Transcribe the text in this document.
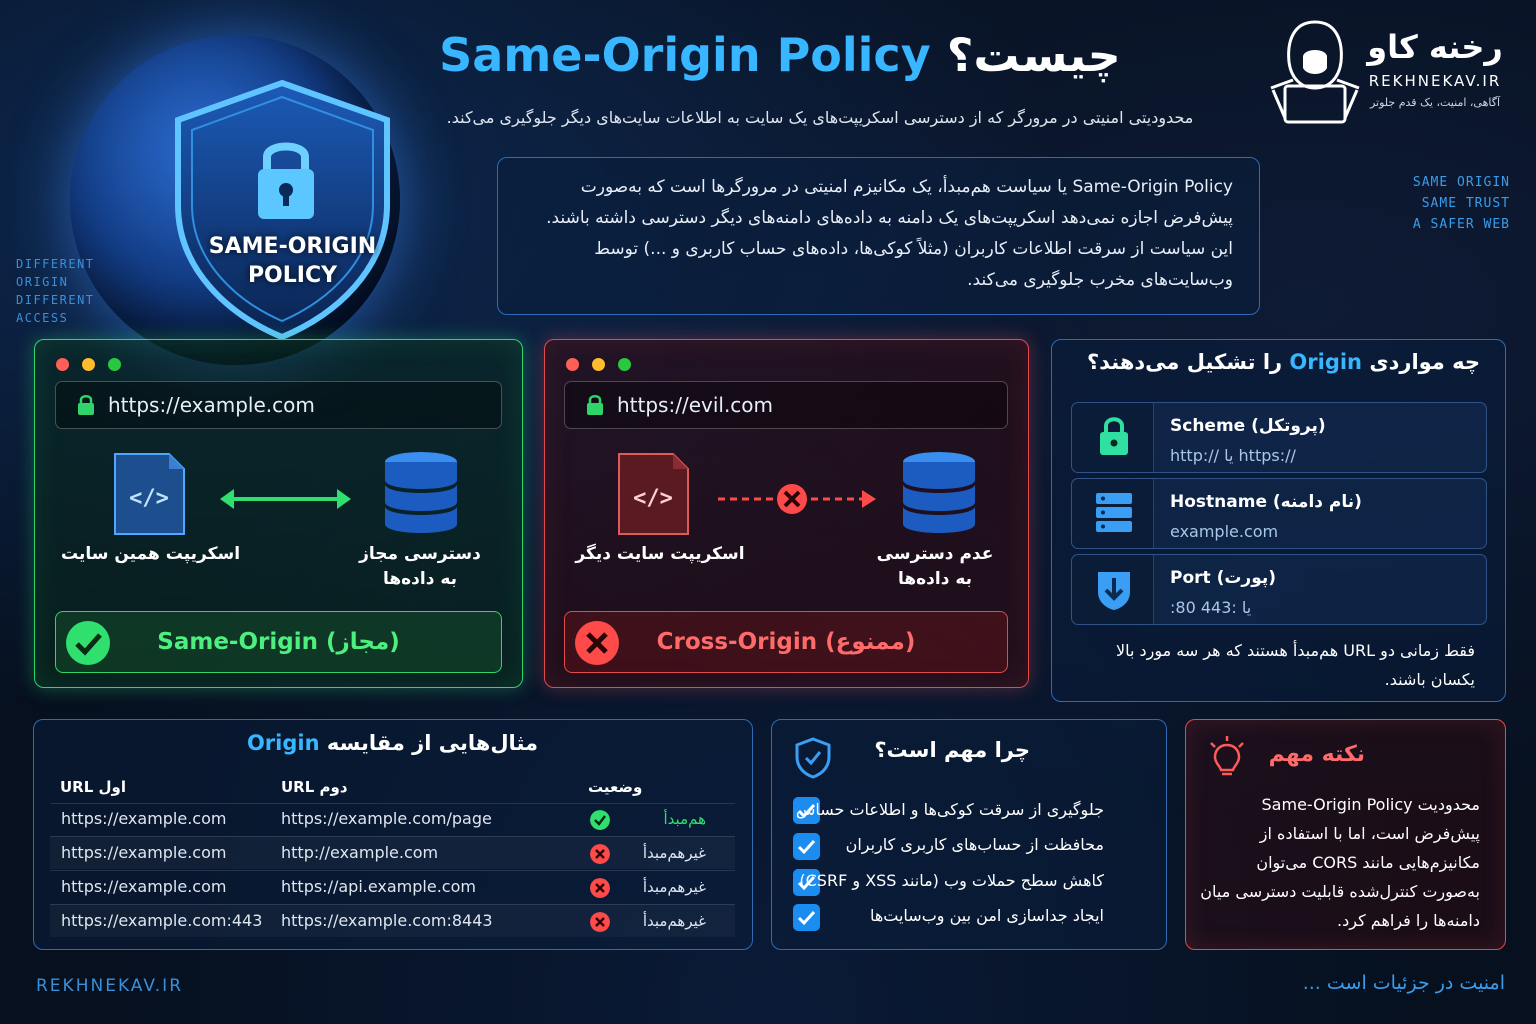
SAME-ORIGIN
POLICY
DIFFERENT
ORIGIN
DIFFERENT
ACCESS
Same-Origin Policy چیست؟
محدودیتی امنیتی در مرورگر که از دسترسی اسکریپت‌های یک سایت به اطلاعات سایت‌های دیگر جلوگیری می‌کند.
رخنه کاو
REKHNEKAV.IR
آگاهی، امنیت، یک قدم جلوتر
SAME ORIGIN
SAME TRUST
A SAFER WEB
Same-Origin Policy یا سیاست هم‌مبدأ، یک مکانیزم امنیتی در مرورگرها است که به‌صورت پیش‌فرض اجازه نمی‌دهد اسکریپت‌های یک دامنه به داده‌های دامنه‌های دیگر دسترسی داشته باشند. این سیاست از سرقت اطلاعات کاربران (مثلاً کوکی‌ها، داده‌های حساب کاربری و ...) توسط وب‌سایت‌های مخرب جلوگیری می‌کند.
https://example.com
</>
اسکریپت همین سایت	دسترسی مجاز
به داده‌ها
Same-Origin (مجاز)
https://evil.com
</>
اسکریپت سایت دیگر	عدم دسترسی
به داده‌ها
Cross-Origin (ممنوع)
چه مواردی Origin را تشکیل می‌دهند؟
Scheme (پروتکل)
http:// یا https://
Hostname (نام دامنه)
example.com
Port (پورت)
:80 یا :443
فقط زمانی دو URL هم‌مبدأ هستند که هر سه مورد بالا یکسان باشند.
مثال‌هایی از مقایسه Origin
URL اول	URL دوم	وضعیت
https://example.com	https://example.com/page	هم‌مبدأ
https://example.com	http://example.com	غیرهم‌مبدأ
https://example.com	https://api.example.com	غیرهم‌مبدأ
https://example.com:443 https://example.com:8443	غیرهم‌مبدأ
چرا مهم است؟
جلوگیری از سرقت کوکی‌ها و اطلاعات حساس
محافظت از حساب‌های کاربری کاربران
کاهش سطح حملات وب (مانند XSS و CSRF)
ایجاد جداسازی امن بین وب‌سایت‌ها
نکته مهم
محدودیت Same-Origin Policy پیش‌فرض است، اما با استفاده از مکانیزم‌هایی مانند CORS می‌توان به‌صورت کنترل‌شده قابلیت دسترسی میان دامنه‌ها را فراهم کرد.
REKHNEKAV.IR	امنیت در جزئیات است ...
